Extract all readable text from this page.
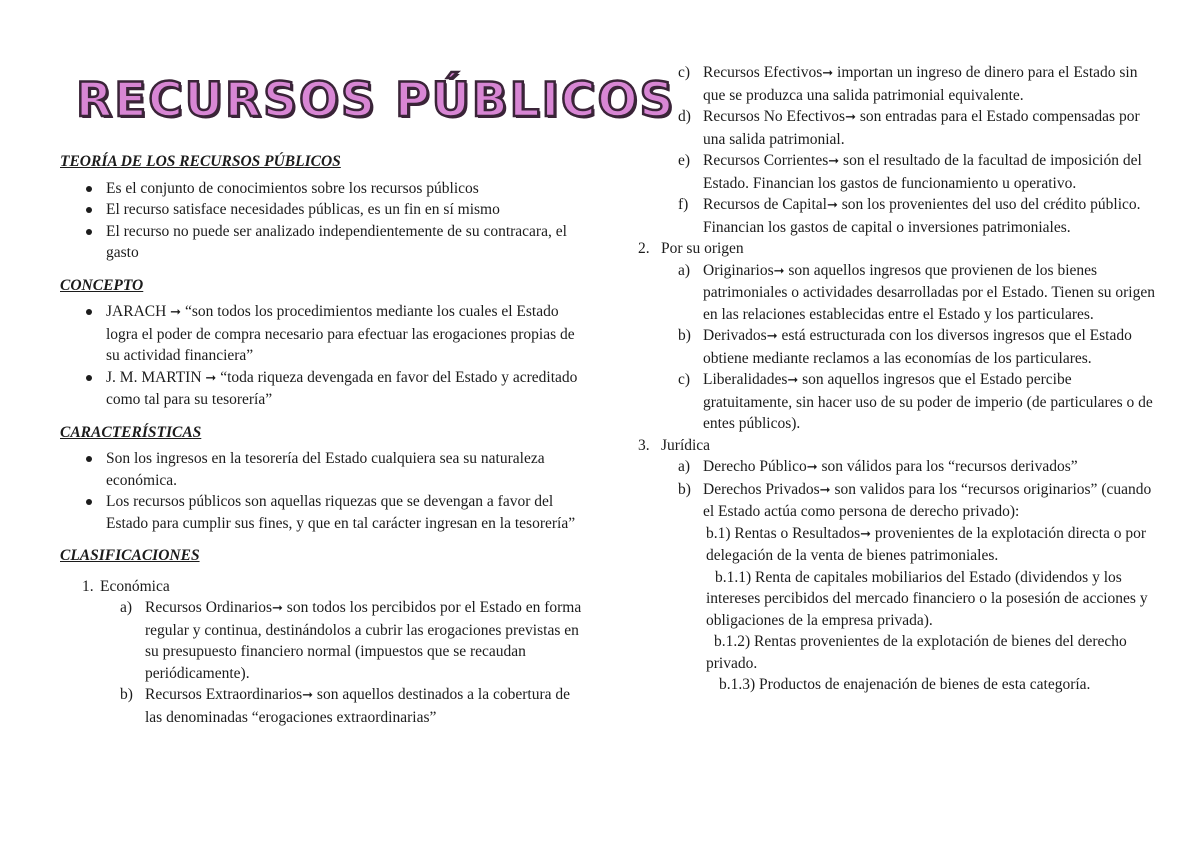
RECURSOS PÚBLICOS

TEORÍA DE LOS RECURSOS PÚBLICOS

Es el conjunto de conocimientos sobre los recursos públicos
El recurso satisface necesidades públicas, es un fin en sí mismo
El recurso no puede ser analizado independientemente de su contracara, el gasto

CONCEPTO

JARACH ➞ “son todos los procedimientos mediante los cuales el Estado logra el poder de compra necesario para efectuar las erogaciones propias de su actividad financiera”
J. M. MARTIN ➞ “toda riqueza devengada en favor del Estado y acreditado como tal para su tesorería”

CARACTERÍSTICAS

Son los ingresos en la tesorería del Estado cualquiera sea su naturaleza económica.
Los recursos públicos son aquellas riquezas que se devengan a favor del Estado para cumplir sus fines, y que en tal carácter ingresan en la tesorería”

CLASIFICACIONES

1. Económica
a) Recursos Ordinarios➞ son todos los percibidos por el Estado en forma regular y continua, destinándolos a cubrir las erogaciones previstas en su presupuesto financiero normal (impuestos que se recaudan periódicamente).
b) Recursos Extraordinarios➞ son aquellos destinados a la cobertura de las denominadas “erogaciones extraordinarias”
c) Recursos Efectivos➞ importan un ingreso de dinero para el Estado sin que se produzca una salida patrimonial equivalente.
d) Recursos No Efectivos➞ son entradas para el Estado compensadas por una salida patrimonial.
e) Recursos Corrientes➞ son el resultado de la facultad de imposición del Estado. Financian los gastos de funcionamiento u operativo.
f) Recursos de Capital➞ son los provenientes del uso del crédito público. Financian los gastos de capital o inversiones patrimoniales.
2. Por su origen
a) Originarios➞ son aquellos ingresos que provienen de los bienes patrimoniales o actividades desarrolladas por el Estado. Tienen su origen en las relaciones establecidas entre el Estado y los particulares.
b) Derivados➞ está estructurada con los diversos ingresos que el Estado obtiene mediante reclamos a las economías de los particulares.
c) Liberalidades➞ son aquellos ingresos que el Estado percibe gratuitamente, sin hacer uso de su poder de imperio (de particulares o de entes públicos).
3. Jurídica
a) Derecho Público➞ son válidos para los “recursos derivados”
b) Derechos Privados➞ son validos para los “recursos originarios” (cuando el Estado actúa como persona de derecho privado):
b.1) Rentas o Resultados➞ provenientes de la explotación directa o por delegación de la venta de bienes patrimoniales.
b.1.1) Renta de capitales mobiliarios del Estado (dividendos y los intereses percibidos del mercado financiero o la posesión de acciones y obligaciones de la empresa privada).
b.1.2) Rentas provenientes de la explotación de bienes del derecho privado.
b.1.3) Productos de enajenación de bienes de esta categoría.
